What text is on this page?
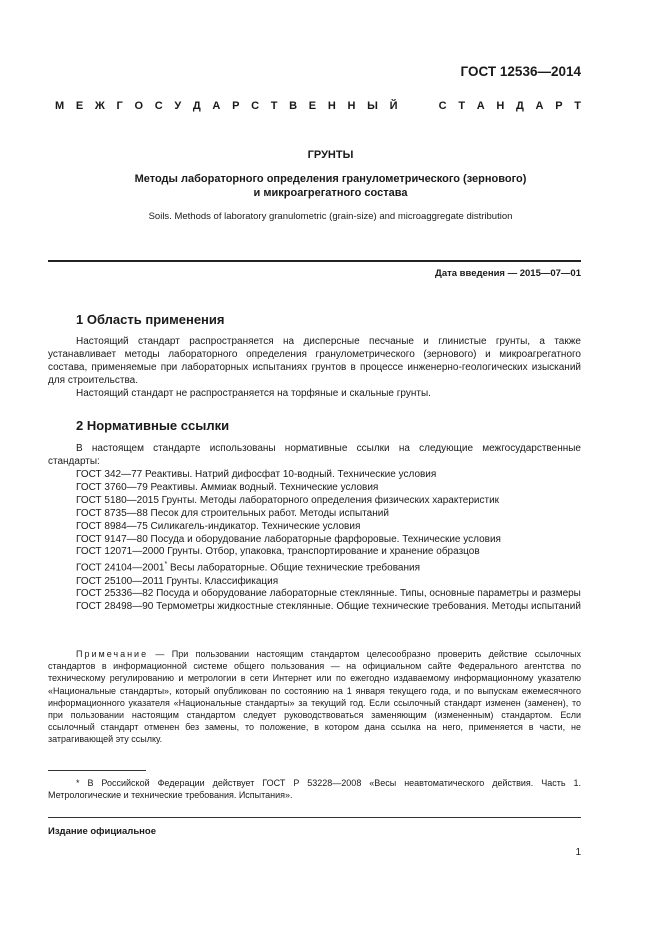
ГОСТ 12536—2014
М Е Ж Г О С У Д А Р С Т В Е Н Н Ы Й

	С Т А Н Д А Р Т
ГРУНТЫ
Методы лабораторного определения гранулометрического (зернового)
и микроагрегатного состава
Soils. Methods of laboratory granulometric (grain-size) and microaggregate distribution
Дата введения — 2015—07—01
1 Область применения

Настоящий стандарт распространяется на дисперсные песчаные и глинистые грунты, а также устанавливает методы лабораторного определения гранулометрического (зернового) и микроагрегатного состава, применяемые при лабораторных испытаниях грунтов в процессе инженерно-геологических изысканий для строительства.

Настоящий стандарт не распространяется на торфяные и скальные грунты.

2 Нормативные ссылки

В настоящем стандарте использованы нормативные ссылки на следующие межгосударственные стандарты:

ГОСТ 342—77 Реактивы. Натрий дифосфат 10-водный. Технические условия

ГОСТ 3760—79 Реактивы. Аммиак водный. Технические условия

ГОСТ 5180—2015 Грунты. Методы лабораторного определения физических характеристик

ГОСТ 8735—88 Песок для строительных работ. Методы испытаний

ГОСТ 8984—75 Силикагель-индикатор. Технические условия

ГОСТ 9147—80 Посуда и оборудование лабораторные фарфоровые. Технические условия

ГОСТ 12071—2000 Грунты. Отбор, упаковка, транспортирование и хранение образцов

ГОСТ 24104—2001* Весы лабораторные. Общие технические требования

ГОСТ 25100—2011 Грунты. Классификация

ГОСТ 25336—82 Посуда и оборудование лабораторные стеклянные. Типы, основные параметры и размеры

ГОСТ 28498—90 Термометры жидкостные стеклянные. Общие технические требования. Методы испытаний

Примечание — При пользовании настоящим стандартом целесообразно проверить действие ссылочных стандартов в информационной системе общего пользования — на официальном сайте Федерального агентства по техническому регулированию и метрологии в сети Интернет или по ежегодно издаваемому информационному указателю «Национальные стандарты», который опубликован по состоянию на 1 января текущего года, и по выпускам ежемесячного информационного указателя «Национальные стандарты» за текущий год. Если ссылочный стандарт изменен (заменен), то при пользовании настоящим стандартом следует руководствоваться заменяющим (измененным) стандартом. Если ссылочный стандарт отменен без замены, то положение, в котором дана ссылка на него, применяется в части, не затрагивающей эту ссылку.

* В Российской Федерации действует ГОСТ Р 53228—2008 «Весы неавтоматического действия. Часть 1. Метрологические и технические требования. Испытания».

Издание официальное
1
